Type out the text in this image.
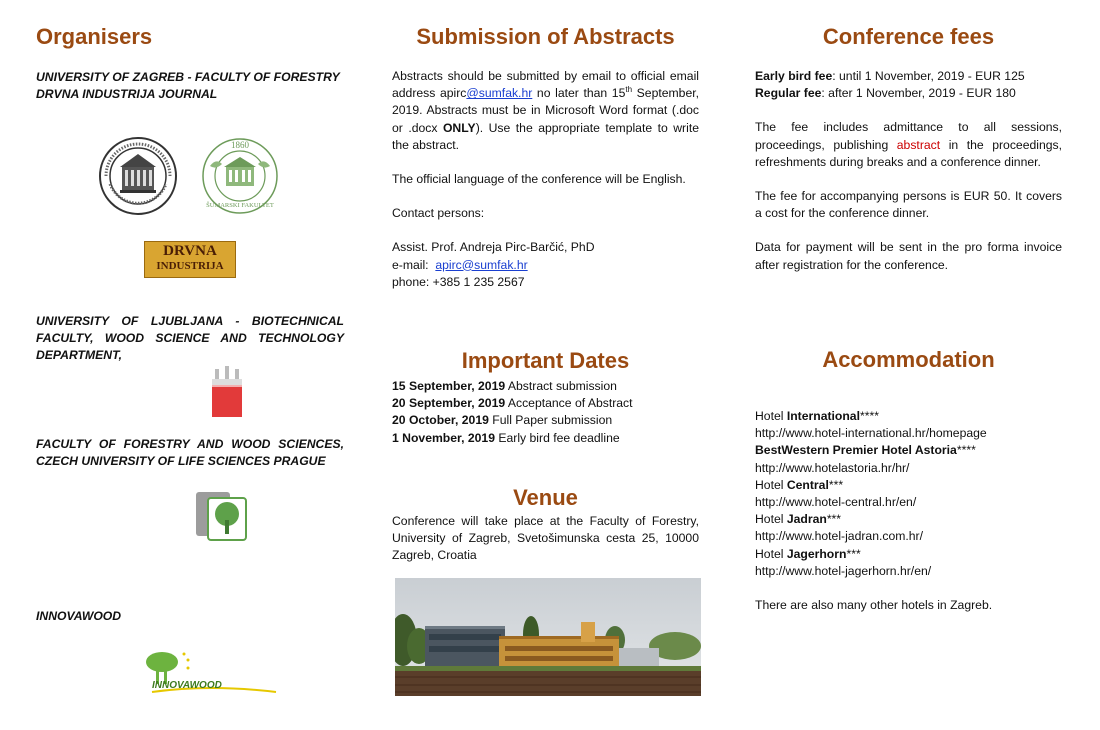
Organisers
UNIVERSITY OF ZAGREB - FACULTY OF FORESTRY
DRVNA INDUSTRIJA JOURNAL
1860
ŠUMARSKI FAKULTET
DRVNA
INDUSTRIJA
UNIVERSITY OF LJUBLJANA - BIOTECHNICAL FACULTY, WOOD SCIENCE AND TECHNOLOGY DEPARTMENT,
FACULTY OF FORESTRY AND WOOD SCIENCES, CZECH UNIVERSITY OF LIFE SCIENCES PRAGUE
INNOVAWOOD
INNOVAWOOD
Submission of Abstracts

Abstracts should be submitted by email to official email address apirc@sumfak.hr no later than 15th September, 2019. Abstracts must be in Microsoft Word format (.doc or .docx ONLY). Use the appropriate template to write the abstract.

The official language of the conference will be English.

Contact persons:

Assist. Prof. Andreja Pirc-Barčić, PhD

e-mail: apirc@sumfak.hr

phone: +385 1 235 2567

Important Dates

15 September, 2019 Abstract submission

20 September, 2019 Acceptance of Abstract

20 October, 2019 Full Paper submission

1 November, 2019 Early bird fee deadline

Venue
Conference will take place at the Faculty of Forestry, University of Zagreb, Svetošimunska cesta 25, 10000 Zagreb, Croatia
Conference fees

Early bird fee: until 1 November, 2019 - EUR 125

Regular fee: after 1 November, 2019 - EUR 180

The fee includes admittance to all sessions, proceedings, publishing abstract in the proceedings, refreshments during breaks and a conference dinner.

The fee for accompanying persons is EUR 50. It covers a cost for the conference dinner.

Data for payment will be sent in the pro forma invoice after registration for the conference.

Accommodation

Hotel International****

http://www.hotel-international.hr/homepage

BestWestern Premier Hotel Astoria****

http://www.hotelastoria.hr/hr/

Hotel Central***

http://www.hotel-central.hr/en/

Hotel Jadran***

http://www.hotel-jadran.com.hr/

Hotel Jagerhorn***

http://www.hotel-jagerhorn.hr/en/

There are also many other hotels in Zagreb.
